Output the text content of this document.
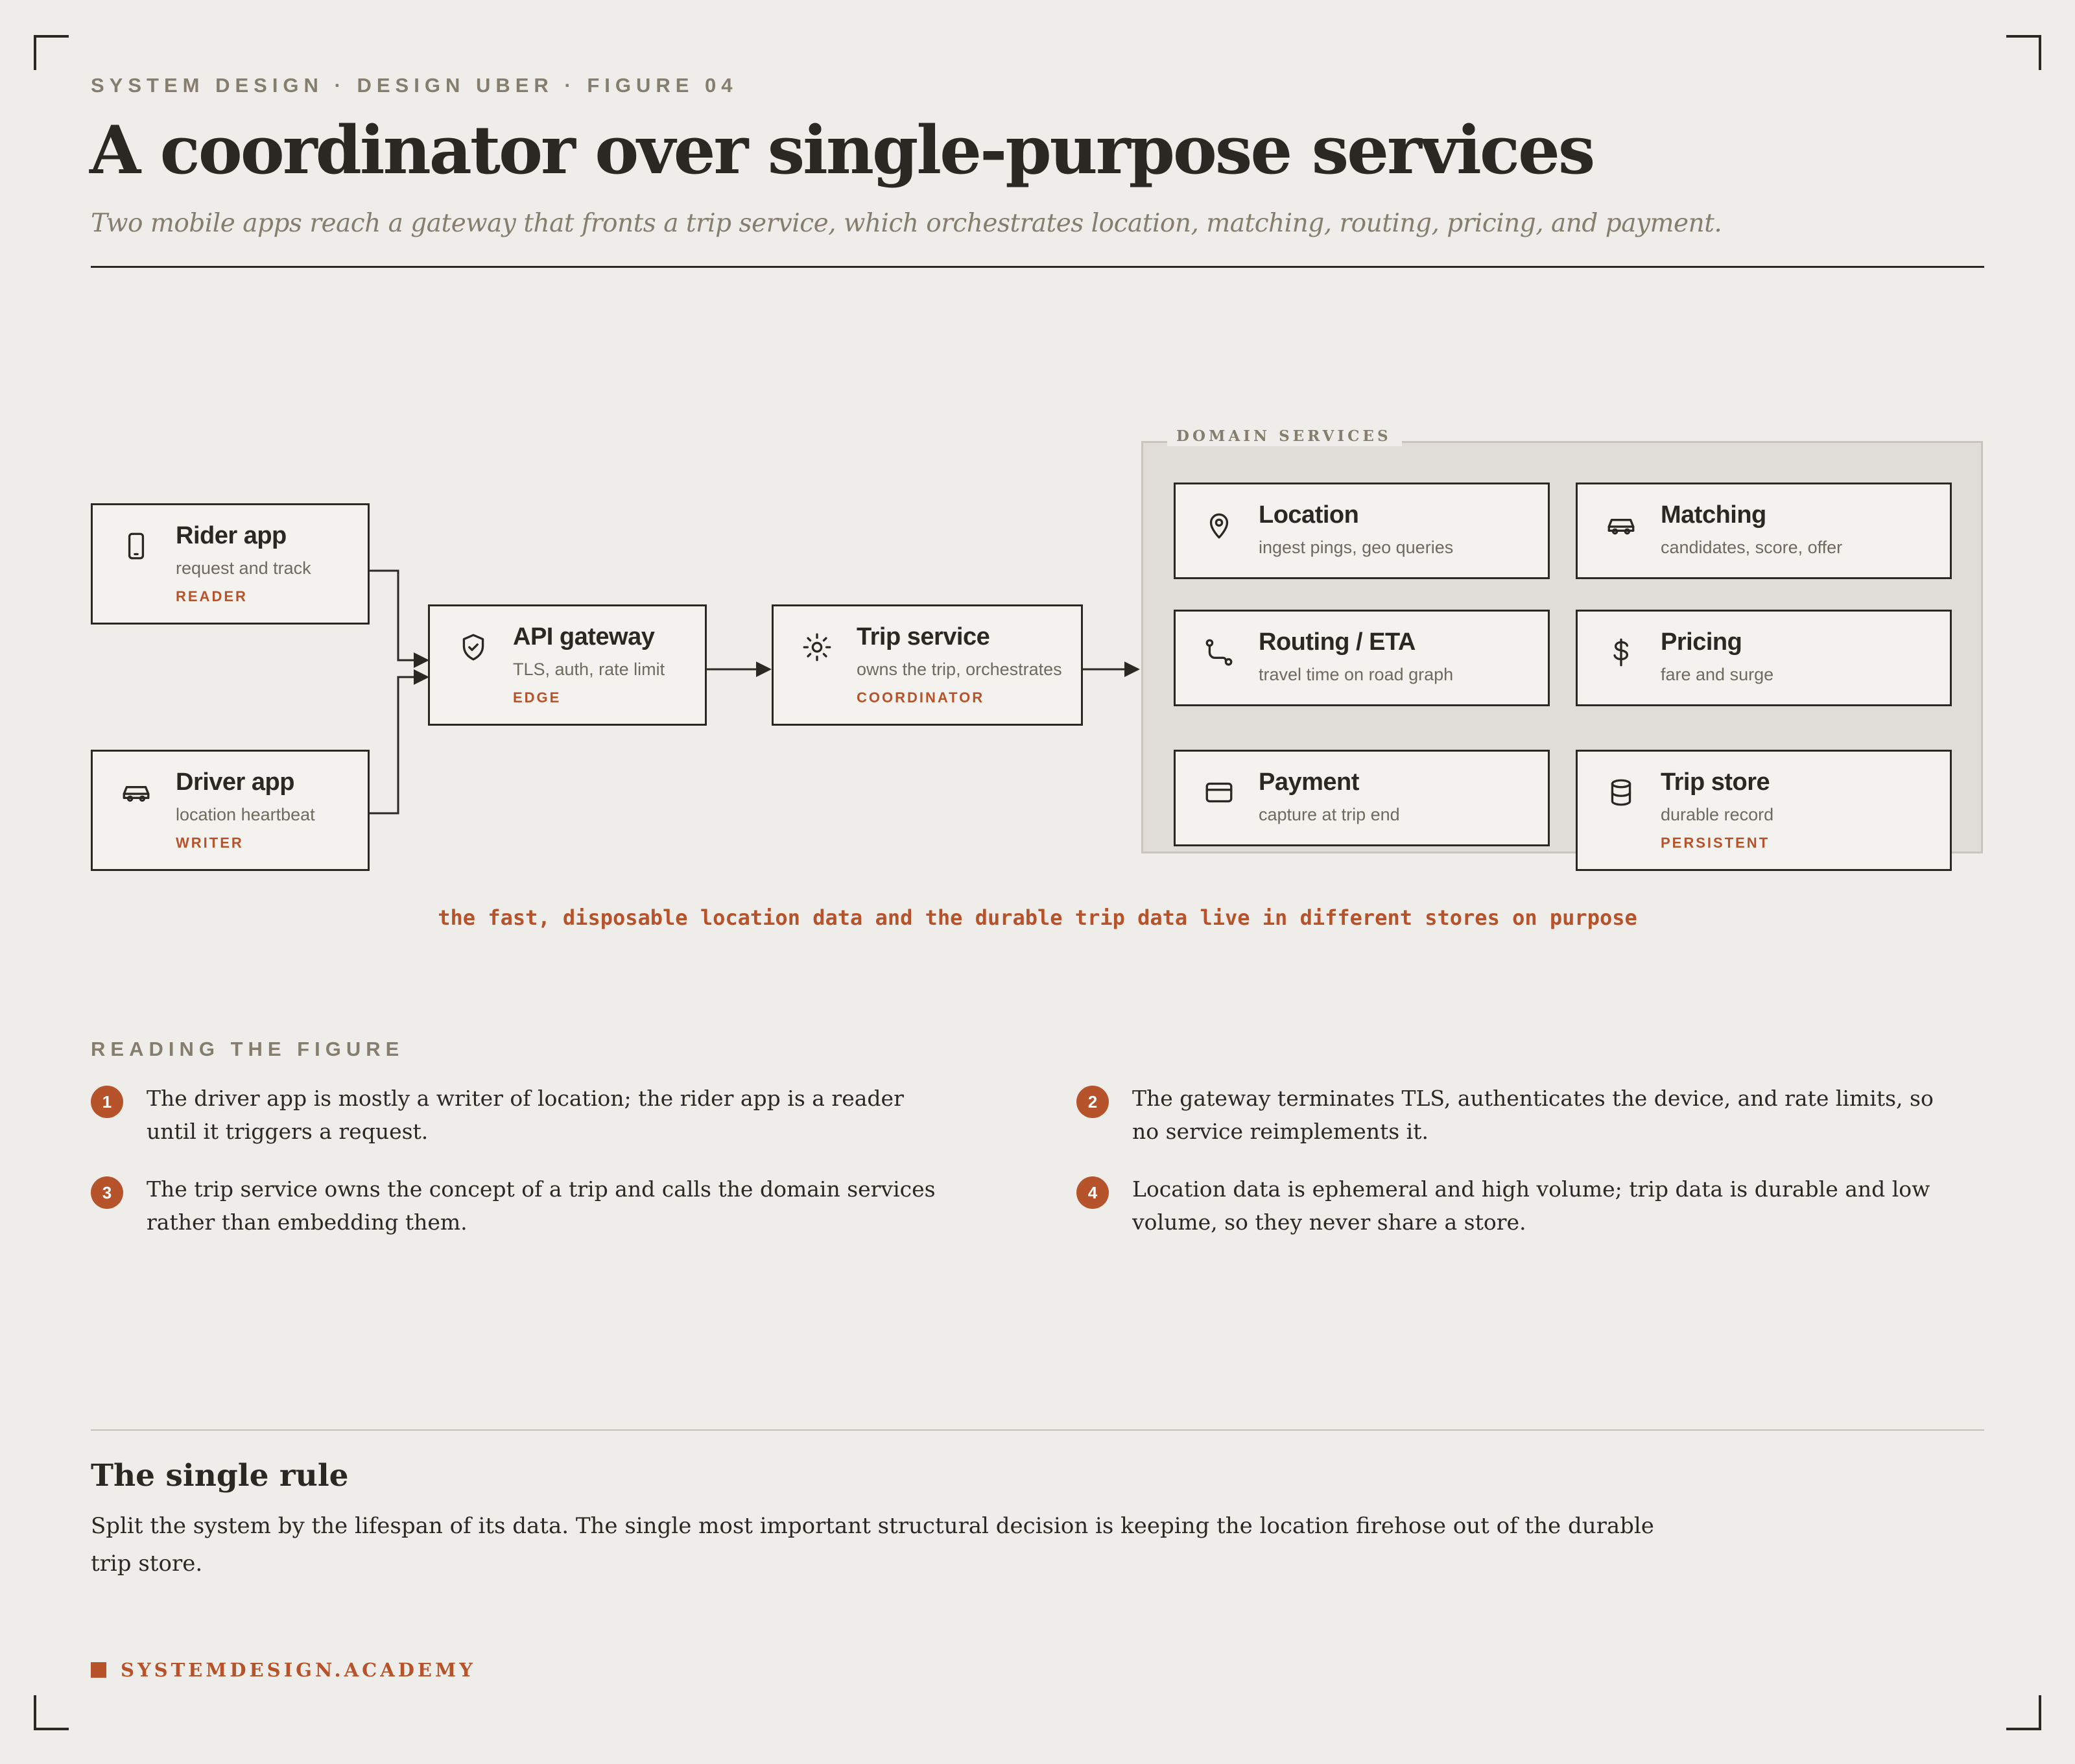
SYSTEM DESIGN · DESIGN UBER · FIGURE 04
A coordinator over single-purpose services
Two mobile apps reach a gateway that fronts a trip service, which orchestrates location, matching, routing, pricing, and payment.
DOMAIN SERVICES
Rider app
request and track
READER
Driver app
location heartbeat
WRITER
API gateway
TLS, auth, rate limit
EDGE
Trip service
owns the trip, orchestrates
COORDINATOR
Location
ingest pings, geo queries
Matching
candidates, score, offer
Routing / ETA
travel time on road graph
Pricing
fare and surge
Payment
capture at trip end
Trip store
durable record
PERSISTENT
the fast, disposable location data and the durable trip data live in different stores on purpose
READING THE FIGURE
1	The driver app is mostly a writer of location; the rider app is a reader until it triggers a request.
2	The gateway terminates TLS, authenticates the device, and rate limits, so no service reimplements it.
3	The trip service owns the concept of a trip and calls the domain services rather than embedding them.
4	Location data is ephemeral and high volume; trip data is durable and low volume, so they never share a store.
The single rule
Split the system by the lifespan of its data. The single most important structural decision is keeping the location firehose out of the durable trip store.
SYSTEMDESIGN.ACADEMY
